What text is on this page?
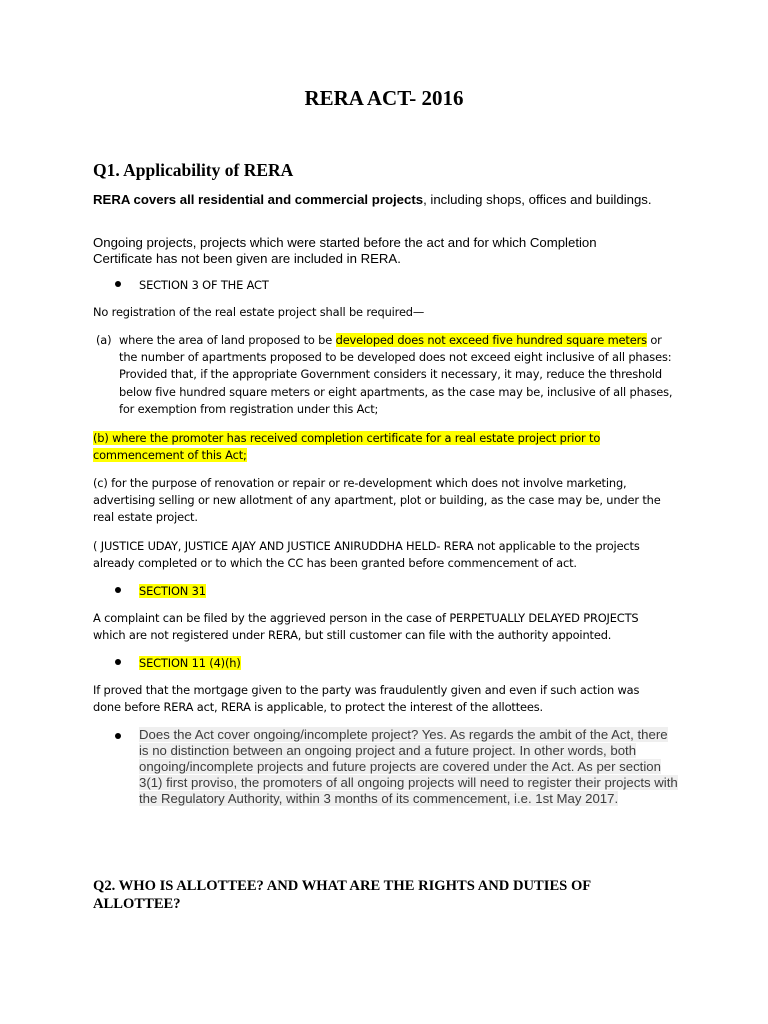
RERA ACT- 2016
Q1. Applicability of RERA
RERA covers all residential and commercial projects, including shops, offices and buildings.
Ongoing projects, projects which were started before the act and for which Completion Certificate has not been given are included in RERA.
SECTION 3 OF THE ACT
No registration of the real estate project shall be required—
(a) where the area of land proposed to be developed does not exceed five hundred square meters or the number of apartments proposed to be developed does not exceed eight inclusive of all phases: Provided that, if the appropriate Government considers it necessary, it may, reduce the threshold below five hundred square meters or eight apartments, as the case may be, inclusive of all phases, for exemption from registration under this Act;
(b) where the promoter has received completion certificate for a real estate project prior to commencement of this Act;
(c) for the purpose of renovation or repair or re-development which does not involve marketing, advertising selling or new allotment of any apartment, plot or building, as the case may be, under the real estate project.
( JUSTICE UDAY, JUSTICE AJAY AND JUSTICE ANIRUDDHA HELD- RERA not applicable to the projects already completed or to which the CC has been granted before commencement of act.
SECTION 31
A complaint can be filed by the aggrieved person in the case of PERPETUALLY DELAYED PROJECTS which are not registered under RERA, but still customer can file with the authority appointed.
SECTION 11 (4)(h)
If proved that the mortgage given to the party was fraudulently given and even if such action was done before RERA act, RERA is applicable, to protect the interest of the allottees.
Does the Act cover ongoing/incomplete project? Yes. As regards the ambit of the Act, there is no distinction between an ongoing project and a future project. In other words, both ongoing/incomplete projects and future projects are covered under the Act. As per section 3(1) first proviso, the promoters of all ongoing projects will need to register their projects with the Regulatory Authority, within 3 months of its commencement, i.e. 1st May 2017.
Q2. WHO IS ALLOTTEE? AND WHAT ARE THE RIGHTS AND DUTIES OF ALLOTTEE?
